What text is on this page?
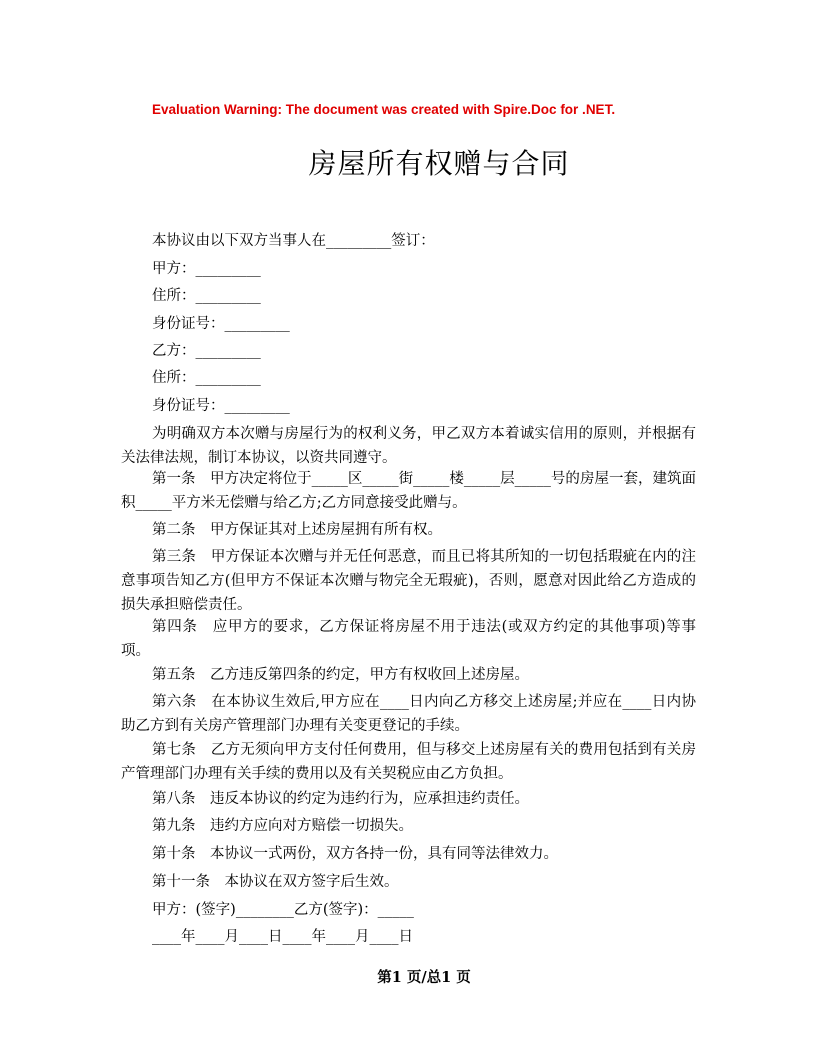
Evaluation Warning: The document was created with Spire.Doc for .NET.
房屋所有权赠与合同
本协议由以下双方当事人在_________签订：
甲方：_________
住所：_________
身份证号：_________
乙方：_________
住所：_________
身份证号：_________
为明确双方本次赠与房屋行为的权利义务，甲乙双方本着诚实信用的原则，并根据有关法律法规，制订本协议，以资共同遵守。
第一条　甲方决定将位于_____区_____街_____楼_____层_____号的房屋一套，建筑面积_____平方米无偿赠与给乙方;乙方同意接受此赠与。
第二条　甲方保证其对上述房屋拥有所有权。
第三条　甲方保证本次赠与并无任何恶意，而且已将其所知的一切包括瑕疵在内的注意事项告知乙方(但甲方不保证本次赠与物完全无瑕疵)，否则，愿意对因此给乙方造成的损失承担赔偿责任。
第四条　应甲方的要求，乙方保证将房屋不用于违法(或双方约定的其他事项)等事项。
第五条　乙方违反第四条的约定，甲方有权收回上述房屋。
第六条　在本协议生效后,甲方应在____日内向乙方移交上述房屋;并应在____日内协助乙方到有关房产管理部门办理有关变更登记的手续。
第七条　乙方无须向甲方支付任何费用，但与移交上述房屋有关的费用包括到有关房产管理部门办理有关手续的费用以及有关契税应由乙方负担。
第八条　违反本协议的约定为违约行为，应承担违约责任。
第九条　违约方应向对方赔偿一切损失。
第十条　本协议一式两份，双方各持一份，具有同等法律效力。
第十一条　本协议在双方签字后生效。
甲方：(签字)________乙方(签字)：_____
____年____月____日____年____月____日
第1 页/总1 页
